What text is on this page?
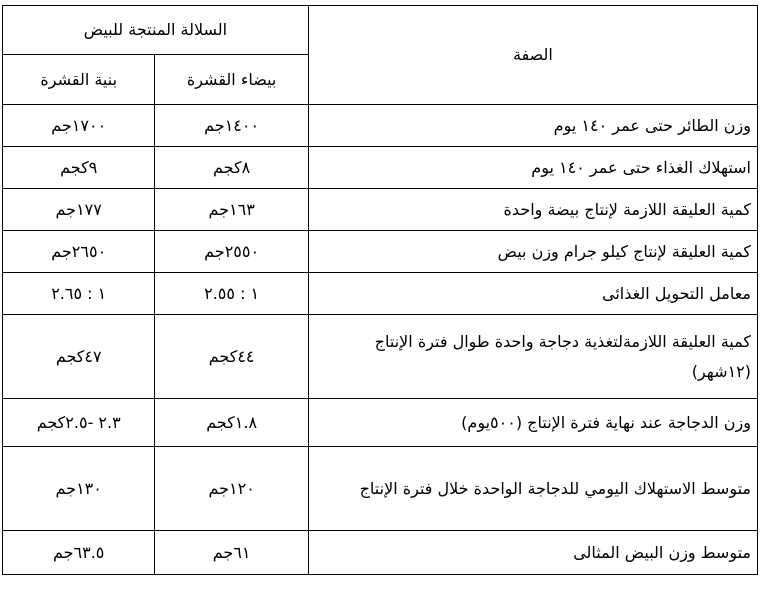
السلالة المنتجة للبيض		الصفة
بنية القشرة	بيضاء القشرة	
١٧٠٠جم	١٤٠٠جم	وزن الطائر حتى عمر ١٤٠ يوم
٩كجم	٨كجم	استهلاك الغذاء حتى عمر ١٤٠ يوم
١٧٧جم	١٦٣جم	كمية العليقة اللازمة لإنتاج بيضة واحدة
٢٦٥٠جم	٢٥٥٠جم	كمية العليقة لإنتاج كيلو جرام وزن بيض
١ : ٢.٦٥	١ : ٢.٥٥	معامل التحويل الغذائى
٤٧كجم	٤٤كجم	كمية العليقة اللازمةلتغذية دجاجة واحدة طوال فترة الإنتاج (١٢شهر)
٢.٣ -٢.٥كجم	١.٨كجم	وزن الدجاجة عند نهاية فترة الإنتاج (٥٠٠يوم)
١٣٠جم	١٢٠جم	متوسط الاستهلاك اليومي للدجاجة الواحدة خلال فترة الإنتاج
٦٣.٥جم	٦١جم	متوسط وزن البيض المثالى
